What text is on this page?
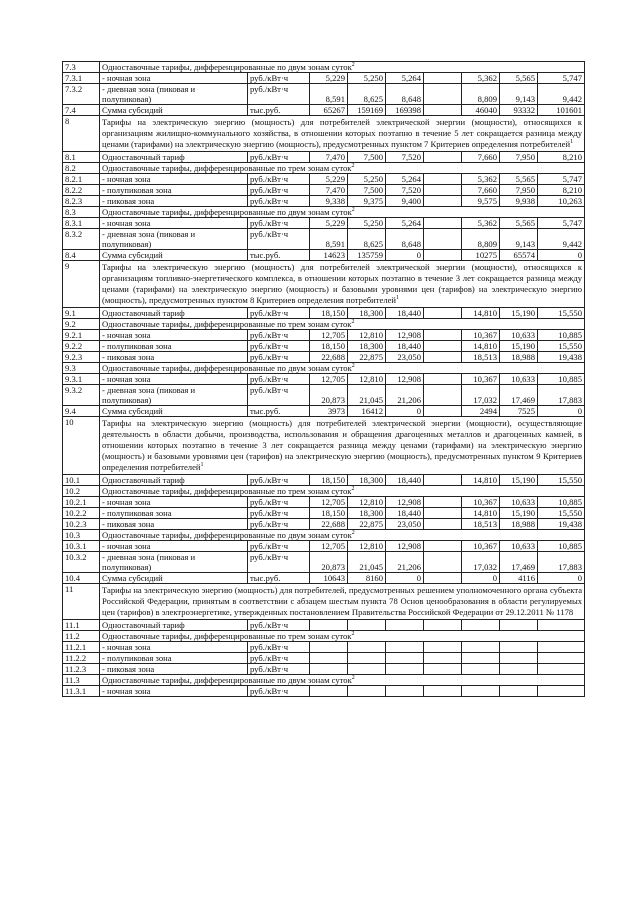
7.3	Одноставочные тарифы, дифференцированные по двум зонам суток$^2$
7.3.1	- ночная зона	руб./кВт·ч	5,229	5,250	5,264		5,362	5,565	5,747
7.3.2	- дневная зона (пиковая и полупиковая)	руб./кВт·ч	8,591	8,625	8,648		8,809	9,143	9,442
7.4	Сумма субсидий	тыс.руб.	65267	159169	169398		46040	93332	101601
8	Тарифы на электрическую энергию (мощность) для потребителей электрической энергии (мощности), относящихся к организациям жилищно-коммунального хозяйства, в отношении которых поэтапно в течение 5 лет сокращается разница между ценами (тарифами) на электрическую энергию (мощность), предусмотренных пунктом 7 Критериев определения потребителей$^1$
8.1	Одноставочный тариф	руб./кВт·ч	7,470	7,500	7,520		7,660	7,950	8,210
8.2	Одноставочные тарифы, дифференцированные по трем зонам суток$^2$
8.2.1	- ночная зона	руб./кВт·ч	5,229	5,250	5,264		5,362	5,565	5,747
8.2.2	- полупиковая зона	руб./кВт·ч	7,470	7,500	7,520		7,660	7,950	8,210
8.2.3	- пиковая зона	руб./кВт·ч	9,338	9,375	9,400		9,575	9,938	10,263
8.3	Одноставочные тарифы, дифференцированные по двум зонам суток$^2$
8.3.1	- ночная зона	руб./кВт·ч	5,229	5,250	5,264		5,362	5,565	5,747
8.3.2	- дневная зона (пиковая и полупиковая)	руб./кВт·ч	8,591	8,625	8,648		8,809	9,143	9,442
8.4	Сумма субсидий	тыс.руб.	14623	135759	0		10275	65574	0
9	Тарифы на электрическую энергию (мощность) для потребителей электрической энергии (мощности), относящихся к организациям топливно-энергетического комплекса, в отношении которых поэтапно в течение 3 лет сокращается разница между ценами (тарифами) на электрическую энергию (мощность) и базовыми уровнями цен (тарифов) на электрическую энергию (мощность), предусмотренных пунктом 8 Критериев определения потребителей$^1$
9.1	Одноставочный тариф	руб./кВт·ч	18,150	18,300	18,440		14,810	15,190	15,550
9.2	Одноставочные тарифы, дифференцированные по трем зонам суток$^2$
9.2.1	- ночная зона	руб./кВт·ч	12,705	12,810	12,908		10,367	10,633	10,885
9.2.2	- полупиковая зона	руб./кВт·ч	18,150	18,300	18,440		14,810	15,190	15,550
9.2.3	- пиковая зона	руб./кВт·ч	22,688	22,875	23,050		18,513	18,988	19,438
9.3	Одноставочные тарифы, дифференцированные по двум зонам суток$^2$
9.3.1	- ночная зона	руб./кВт·ч	12,705	12,810	12,908		10,367	10,633	10,885
9.3.2	- дневная зона (пиковая и полупиковая)	руб./кВт·ч	20,873	21,045	21,206		17,032	17,469	17,883
9.4	Сумма субсидий	тыс.руб.	3973	16412	0		2494	7525	0
10	Тарифы на электрическую энергию (мощность) для потребителей электрической энергии (мощности), осуществляющие деятельность в области добычи, производства, использования и обращения драгоценных металлов и драгоценных камней, в отношении которых поэтапно в течение 3 лет сокращается разница между ценами (тарифами) на электрическую энергию (мощность) и базовыми уровнями цен (тарифов) на электрическую энергию (мощность), предусмотренных пунктом 9 Критериев определения потребителей$^1$
10.1	Одноставочный тариф	руб./кВт·ч	18,150	18,300	18,440		14,810	15,190	15,550
10.2	Одноставочные тарифы, дифференцированные по трем зонам суток$^2$
10.2.1	- ночная зона	руб./кВт·ч	12,705	12,810	12,908		10,367	10,633	10,885
10.2.2	- полупиковая зона	руб./кВт·ч	18,150	18,300	18,440		14,810	15,190	15,550
10.2.3	- пиковая зона	руб./кВт·ч	22,688	22,875	23,050		18,513	18,988	19,438
10.3	Одноставочные тарифы, дифференцированные по двум зонам суток$^2$
10.3.1	- ночная зона	руб./кВт·ч	12,705	12,810	12,908		10,367	10,633	10,885
10.3.2	- дневная зона (пиковая и полупиковая)	руб./кВт·ч	20,873	21,045	21,206		17,032	17,469	17,883
10.4	Сумма субсидий	тыс.руб.	10643	8160	0		0	4116	0
11	Тарифы на электрическую энергию (мощность) для потребителей, предусмотренных решением уполномоченного органа субъекта Российской Федерации, принятым в соответствии с абзацем шестым пункта 78 Основ ценообразования в области регулируемых цен (тарифов) в электроэнергетике, утвержденных постановлением Правительства Российской Федерации от 29.12.2011 № 1178								
11.1	Одноставочный тариф	руб./кВт·ч							
11.2	Одноставочные тарифы, дифференцированные по трем зонам суток$^2$
11.2.1	- ночная зона	руб./кВт·ч							
11.2.2	- полупиковая зона	руб./кВт·ч							
11.2.3	- пиковая зона	руб./кВт·ч							
11.3	Одноставочные тарифы, дифференцированные по двум зонам суток$^2$
11.3.1	- ночная зона	руб./кВт·ч							
